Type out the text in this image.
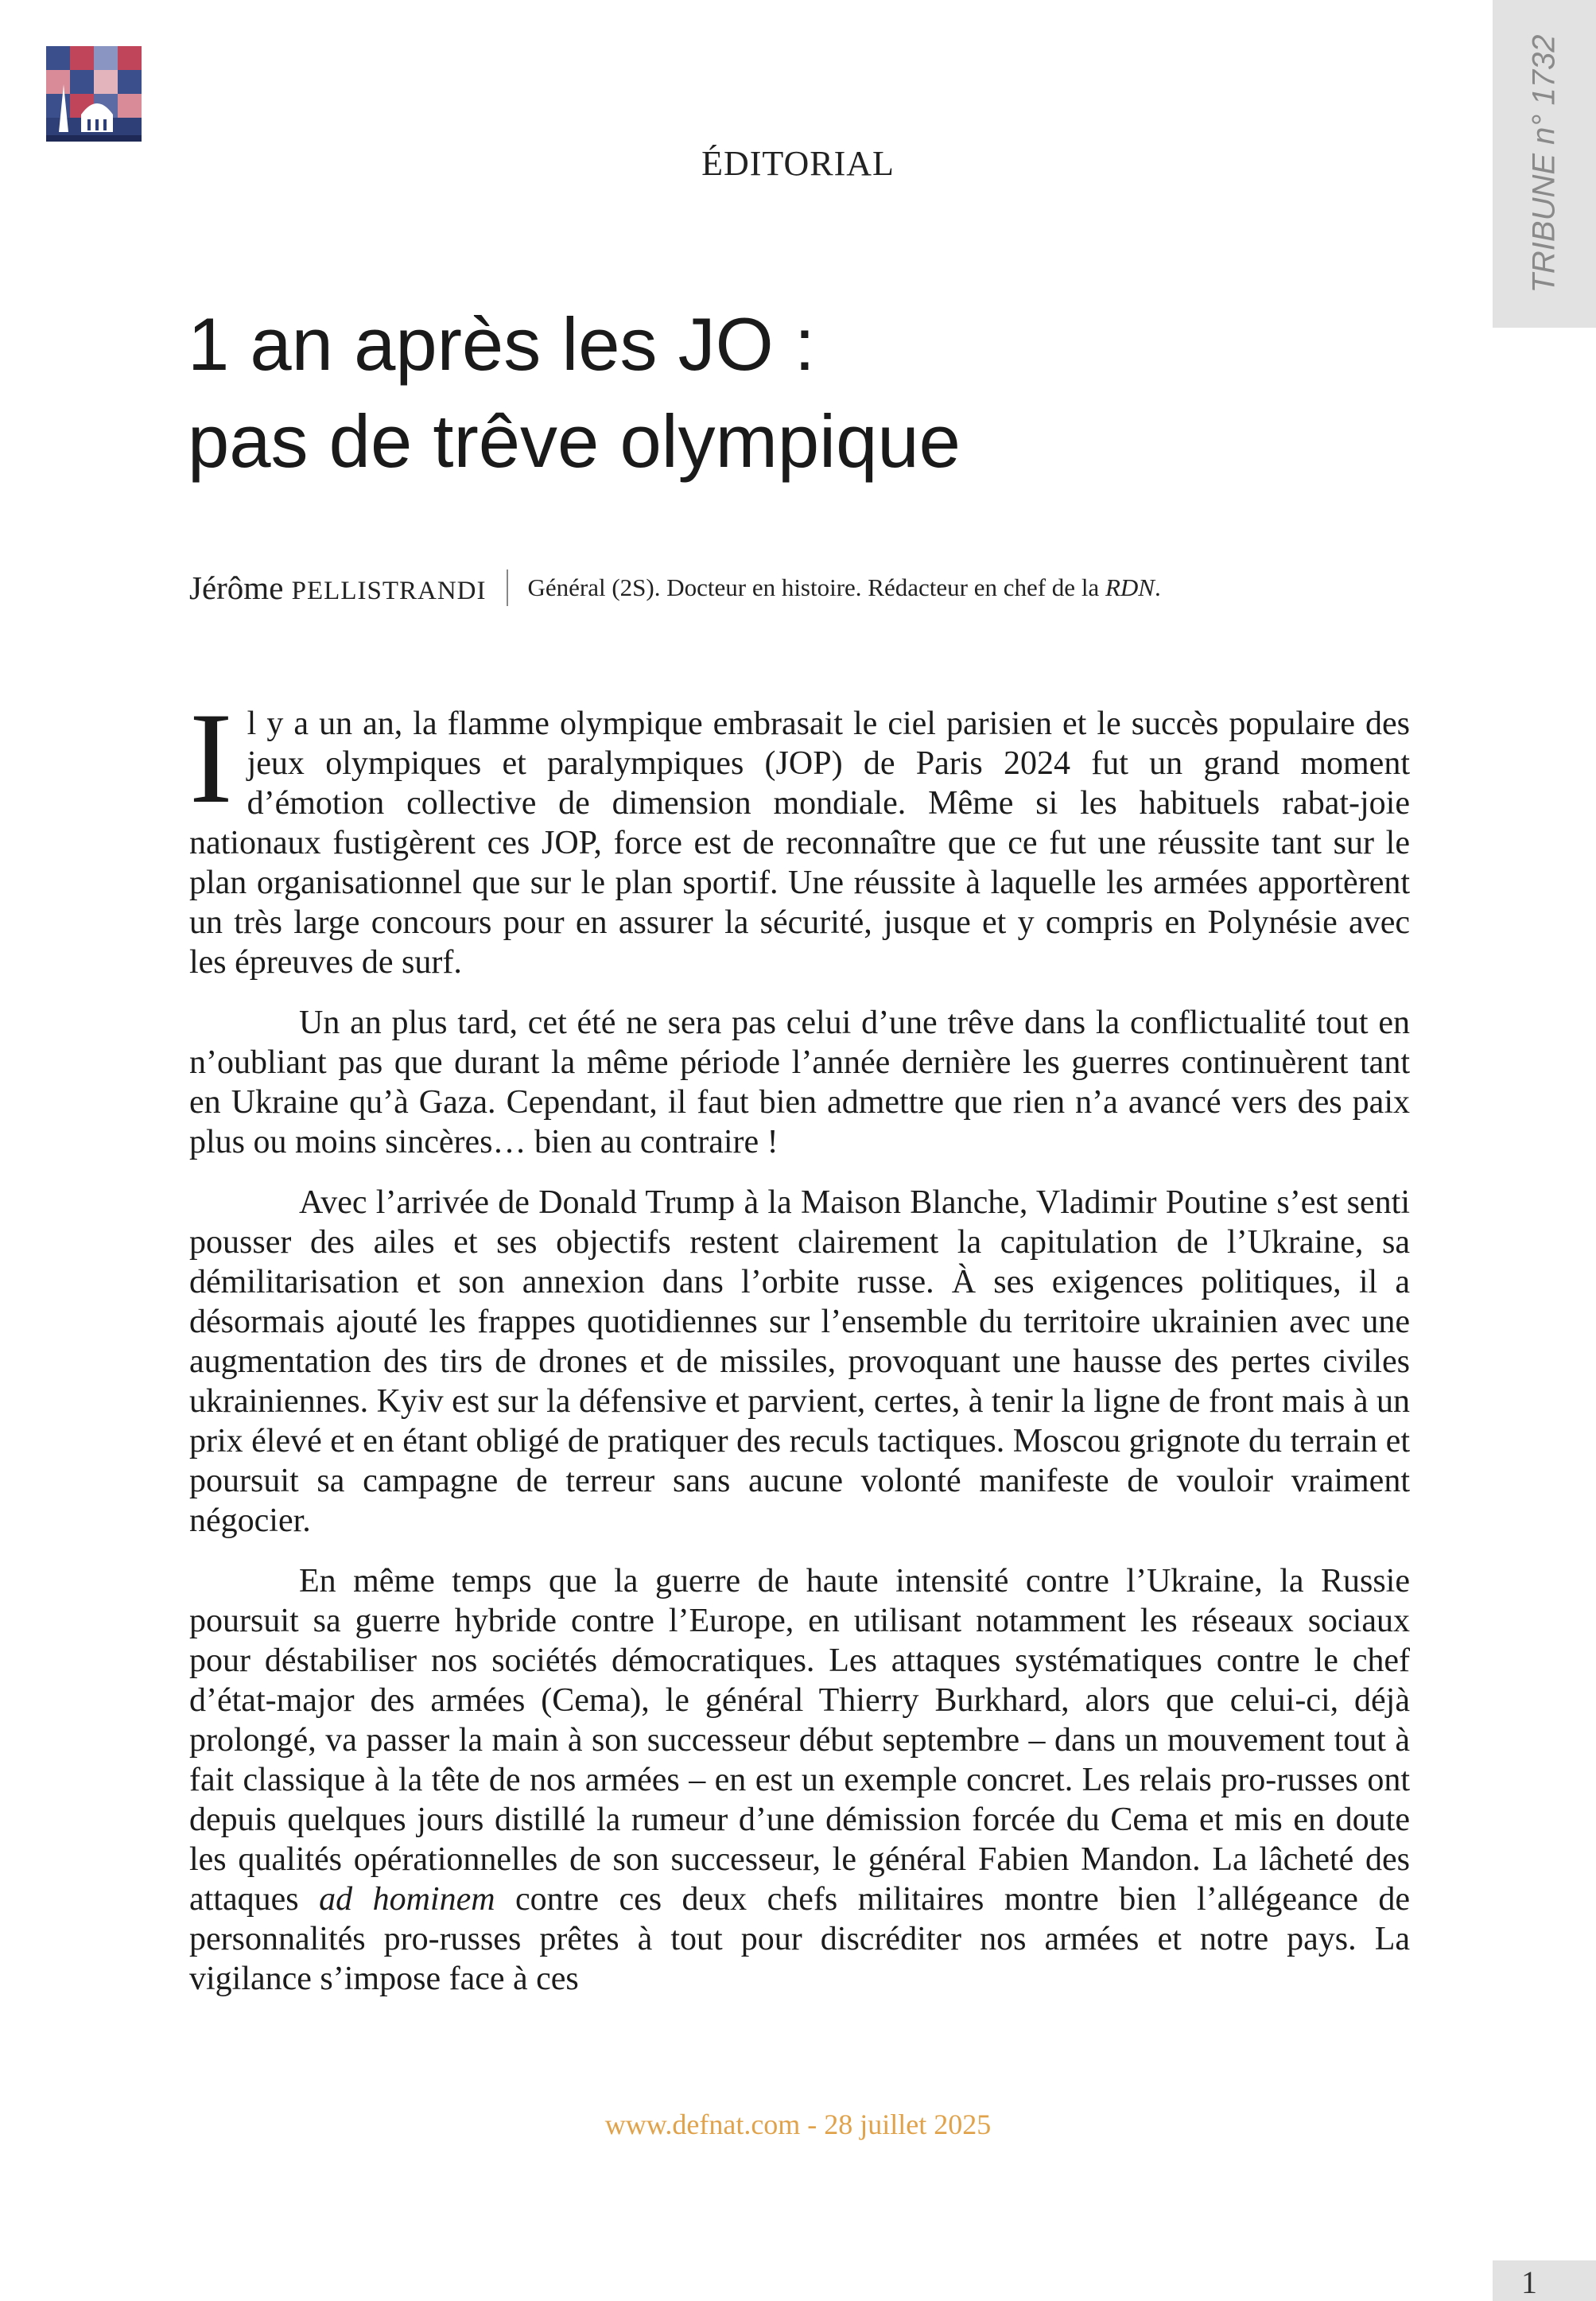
TRIBUNE n° 1732
ÉDITORIAL
1 an après les JO :
pas de trêve olympique
Jérôme PELLISTRANDI Général (2S). Docteur en histoire. Rédacteur en chef de la RDN.

Il y a un an, la flamme olympique embrasait le ciel parisien et le succès populaire des jeux olympiques et paralympiques (JOP) de Paris 2024 fut un grand moment d’émotion collective de dimension mondiale. Même si les habituels rabat-joie nationaux fustigèrent ces JOP, force est de reconnaître que ce fut une réussite tant sur le plan organisationnel que sur le plan sportif. Une réussite à laquelle les armées apportèrent un très large concours pour en assurer la sécurité, jusque et y compris en Polynésie avec les épreuves de surf.

Un an plus tard, cet été ne sera pas celui d’une trêve dans la conflictualité tout en n’oubliant pas que durant la même période l’année dernière les guerres continuèrent tant en Ukraine qu’à Gaza. Cependant, il faut bien admettre que rien n’a avancé vers des paix plus ou moins sincères… bien au contraire !

Avec l’arrivée de Donald Trump à la Maison Blanche, Vladimir Poutine s’est senti pousser des ailes et ses objectifs restent clairement la capitulation de l’Ukraine, sa démilitarisation et son annexion dans l’orbite russe. À ses exigences politiques, il a désormais ajouté les frappes quotidiennes sur l’ensemble du territoire ukrainien avec une augmentation des tirs de drones et de missiles, provoquant une hausse des pertes civiles ukrainiennes. Kyiv est sur la défensive et parvient, certes, à tenir la ligne de front mais à un prix élevé et en étant obligé de pratiquer des reculs tactiques. Moscou grignote du terrain et poursuit sa campagne de terreur sans aucune volonté manifeste de vouloir vraiment négocier.

En même temps que la guerre de haute intensité contre l’Ukraine, la Russie poursuit sa guerre hybride contre l’Europe, en utilisant notamment les réseaux sociaux pour déstabiliser nos sociétés démocratiques. Les attaques systématiques contre le chef d’état-major des armées (Cema), le général Thierry Burkhard, alors que celui-ci, déjà prolongé, va passer la main à son successeur début septembre – dans un mouvement tout à fait classique à la tête de nos armées – en est un exemple concret. Les relais pro-russes ont depuis quelques jours distillé la rumeur d’une démission forcée du Cema et mis en doute les qualités opérationnelles de son successeur, le général Fabien Mandon. La lâcheté des attaques ad hominem contre ces deux chefs militaires montre bien l’allégeance de personnalités pro-russes prêtes à tout pour discréditer nos armées et notre pays. La vigilance s’impose face à ces

www.defnat.com - 28 juillet 2025
1
